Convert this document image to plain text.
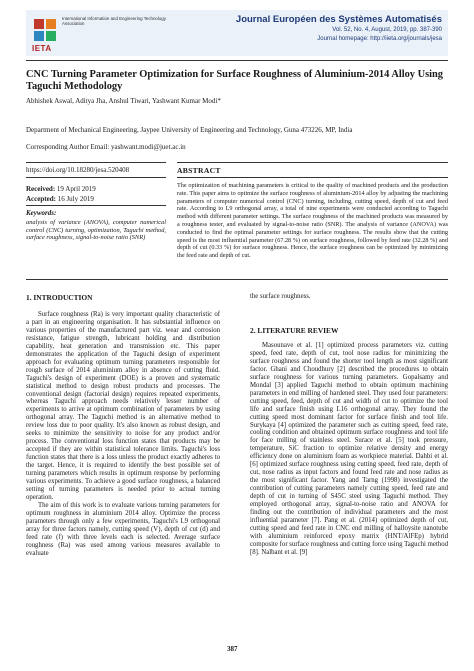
IETA
International Information and Engineering Technology Association	Journal Européen des Systèmes Automatisés
Vol. 52, No. 4, August, 2019, pp. 387-390
Journal homepage: http://iieta.org/journals/jesa
CNC Turning Parameter Optimization for Surface Roughness of Aluminium-2014 Alloy Using Taguchi Methodology
Abhishek Aswal, Aditya Jha, Anshul Tiwari, Yashwant Kumar Modi*
Department of Mechanical Engineering, Jaypee University of Engineering and Technology, Guna 473226, MP, India
Corresponding Author Email: yashwant.modi@juet.ac.in
https://doi.org/10.18280/jesa.520408	ABSTRACT
Received: 19 April 2019
Accepted: 16 July 2019
Keywords:
analysis of variance (ANOVA), computer numerical control (CNC) turning, optimization, Taguchi method, surface roughness, signal-to-noise ratio (SNR)
The optimization of machining parameters is critical to the quality of machined products and the production rate. This paper aims to optimize the surface roughness of aluminium-2014 alloy by adjusting the machining parameters of computer numerical control (CNC) turning, including, cutting speed, depth of cut and feed rate. According to L9 orthogonal array, a total of nine experiments were conducted according to Taguchi method with different parameter settings. The surface roughness of the machined products was measured by a roughness tester, and evaluated by signal-to-noise ratio (SNR). The analysis of variance (ANOVA) was conducted to find the optimal parameter settings for surface roughness. The results show that the cutting speed is the most influential parameter (67.28 %) on surface roughness, followed by feed rate (32.28 %) and depth of cut (0.33 %) for surface roughness. Hence, the surface roughness can be optimized by minimizing the feed rate and depth of cut.
1. INTRODUCTION

Surface roughness (Ra) is very important quality characteristic of a part in an engineering organisation. It has substantial influence on various properties of the manufactured part viz. wear and corrosion resistance, fatigue strength, lubricant holding and distribution capability, heat generation and transmission etc. This paper demonstrates the application of the Taguchi design of experiment approach for evaluating optimum turning parameters responsible for rough surface of 2014 aluminium alloy in absence of cutting fluid. Taguchi's design of experiment (DOE) is a proven and systematic statistical method to design robust products and processes. The conventional design (factorial design) requires repeated experiments, whereas Taguchi approach needs relatively lesser number of experiments to arrive at optimum combination of parameters by using orthogonal array. The Taguchi method is an alternative method to review loss due to poor quality. It's also known as robust design, and seeks to minimize the sensitivity to noise for any product and/or process. The conventional loss function states that products may be accepted if they are within statistical tolerance limits. Taguchi's loss function states that there is a loss unless the product exactly adheres to the target. Hence, it is required to identify the best possible set of turning parameters which results in optimum response by performing various experiments. To achieve a good surface roughness, a balanced setting of turning parameters is needed prior to actual turning operation.

The aim of this work is to evaluate various turning parameters for optimum roughness in aluminium 2014 alloy. Optimize the process parameters through only a few experiments, Taguchi's L9 orthogonal array for three factors namely, cutting speed (V), depth of cut (d) and feed rate (f) with three levels each is selected. Average surface roughness (Ra) was used among various measures available to evaluate

the surface roughness.

2. LITERATURE REVIEW

Masounave et al. [1] optimized process parameters viz. cutting speed, feed rate, depth of cut, tool nose radius for minimizing the surface roughness and found the shorter tool length as most significant factor. Ghani and Choudhury [2] described the procedures to obtain surface roughness for various turning parameters. Gopalsamy and Mondal [3] applied Taguchi method to obtain optimum machining parameters in end milling of hardened steel. They used four parameters: cutting speed, feed, depth of cut and width of cut to optimize the tool life and surface finish using L16 orthogonal array. They found the cutting speed most dominant factor for surface finish and tool life. Surykaya [4] optimized the parameter such as cutting speed, feed rate, cooling condition and obtained optimum surface roughness and tool life for face milling of stainless steel. Surace et al. [5] took pressure, temperature, SiC fraction to optimize relative density and energy efficiency done on aluminium foam as workpiece material. Dahbi et al. [6] optimized surface roughness using cutting speed, feed rate, depth of cut, nose radius as input factors and found feed rate and nose radius as the most significant factor. Yang and Tarng (1998) investigated the contribution of cutting parameters namely cutting speed, feed rate and depth of cut in turning of S45C steel using Taguchi method. They employed orthogonal array, signal-to-noise ratio and ANOVA for finding out the contribution of individual parameters and the most influential parameter [7]. Pang et al. (2014) optimized depth of cut, cutting speed and feed rate in CNC end milling of halloysite nanotube with aluminium reinforced epoxy matrix (HNT/AlFEp) hybrid composite for surface roughness and cutting force using Taguchi method [8]. Nalbant et al. [9]

387
